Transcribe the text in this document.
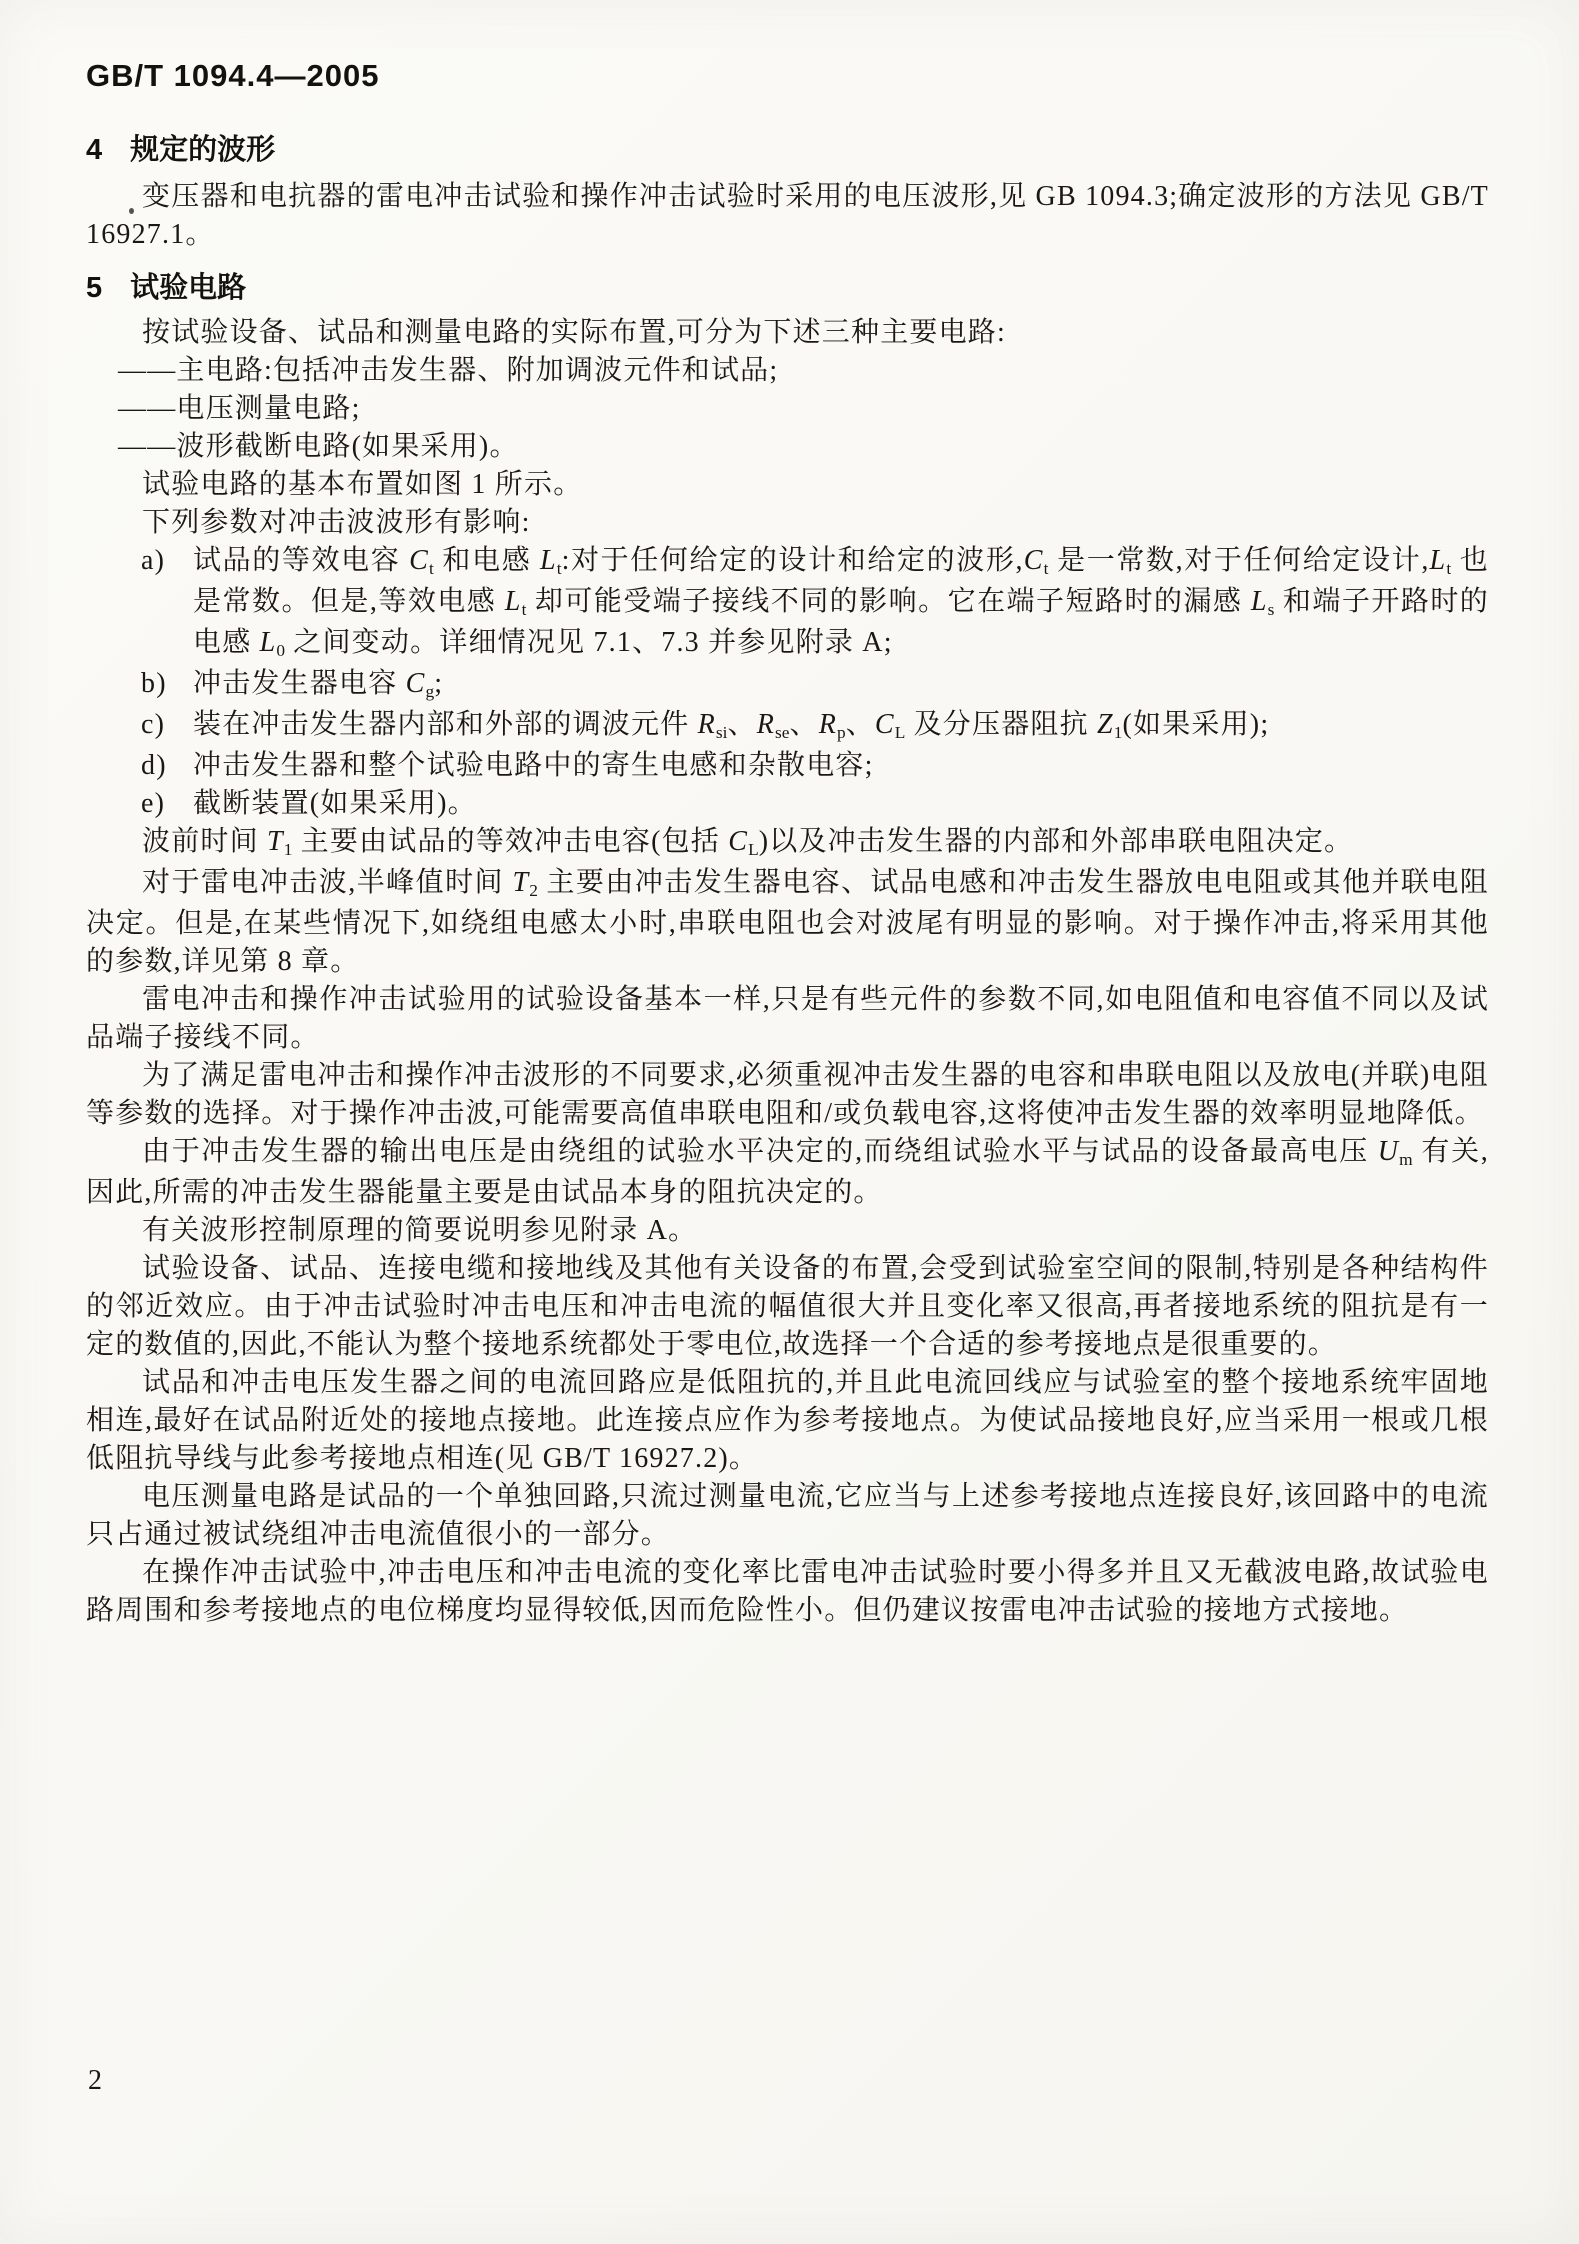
GB/T 1094.4—2005
4 规定的波形

变压器和电抗器的雷电冲击试验和操作冲击试验时采用的电压波形,见 GB 1094.3;确定波形的方法见 GB/T 16927.1。

5 试验电路

按试验设备、试品和测量电路的实际布置,可分为下述三种主要电路:

——主电路:包括冲击发生器、附加调波元件和试品;

——电压测量电路;

——波形截断电路(如果采用)。

试验电路的基本布置如图 1 所示。

下列参数对冲击波波形有影响:

a) 试品的等效电容 $C_t$ 和电感 $L_t$:对于任何给定的设计和给定的波形$,C_t$ 是一常数,对于任何给定设计$,L_t$ 也是常数。但是,等效电感 $L_t$ 却可能受端子接线不同的影响。它在端子短路时的漏感 $L_s$ 和端子开路时的电感 $L_0$ 之间变动。详细情况见 7.1、7.3 并参见附录 A;
b) 冲击发生器电容 $C_g$;
c) 装在冲击发生器内部和外部的调波元件 $R_{si}$、$R_{se}$、$R_p$、$C_L$ 及分压器阻抗 $Z_1$(如果采用);
d) 冲击发生器和整个试验电路中的寄生电感和杂散电容;
e) 截断装置(如果采用)。

波前时间 $T_1$ 主要由试品的等效冲击电容(包括 $C_L$)以及冲击发生器的内部和外部串联电阻决定。

对于雷电冲击波,半峰值时间 $T_2$ 主要由冲击发生器电容、试品电感和冲击发生器放电电阻或其他并联电阻决定。但是,在某些情况下,如绕组电感太小时,串联电阻也会对波尾有明显的影响。对于操作冲击,将采用其他的参数,详见第 8 章。

雷电冲击和操作冲击试验用的试验设备基本一样,只是有些元件的参数不同,如电阻值和电容值不同以及试品端子接线不同。

为了满足雷电冲击和操作冲击波形的不同要求,必须重视冲击发生器的电容和串联电阻以及放电(并联)电阻等参数的选择。对于操作冲击波,可能需要高值串联电阻和/或负载电容,这将使冲击发生器的效率明显地降低。

由于冲击发生器的输出电压是由绕组的试验水平决定的,而绕组试验水平与试品的设备最高电压 $U_m$ 有关,因此,所需的冲击发生器能量主要是由试品本身的阻抗决定的。

有关波形控制原理的简要说明参见附录 A。

试验设备、试品、连接电缆和接地线及其他有关设备的布置,会受到试验室空间的限制,特别是各种结构件的邻近效应。由于冲击试验时冲击电压和冲击电流的幅值很大并且变化率又很高,再者接地系统的阻抗是有一定的数值的,因此,不能认为整个接地系统都处于零电位,故选择一个合适的参考接地点是很重要的。

试品和冲击电压发生器之间的电流回路应是低阻抗的,并且此电流回线应与试验室的整个接地系统牢固地相连,最好在试品附近处的接地点接地。此连接点应作为参考接地点。为使试品接地良好,应当采用一根或几根低阻抗导线与此参考接地点相连(见 GB/T 16927.2)。

电压测量电路是试品的一个单独回路,只流过测量电流,它应当与上述参考接地点连接良好,该回路中的电流只占通过被试绕组冲击电流值很小的一部分。

在操作冲击试验中,冲击电压和冲击电流的变化率比雷电冲击试验时要小得多并且又无截波电路,故试验电路周围和参考接地点的电位梯度均显得较低,因而危险性小。但仍建议按雷电冲击试验的接地方式接地。

2
